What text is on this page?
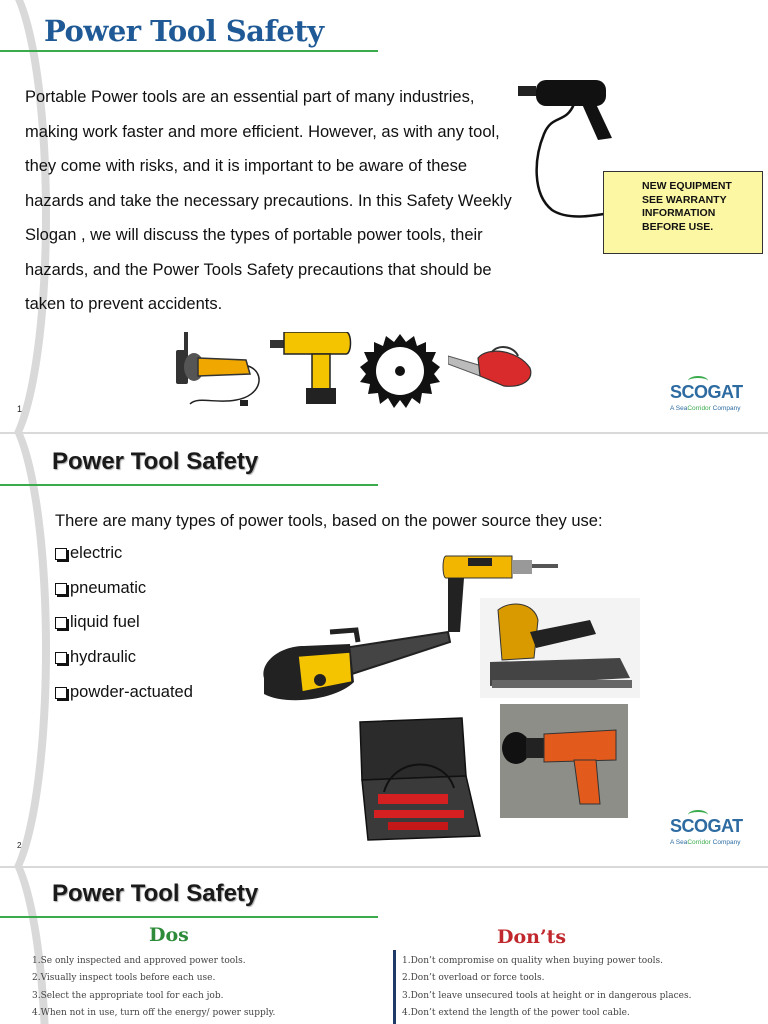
Power Tool Safety

Portable Power tools are an essential part of many industries, making work faster and more efficient. However, as with any tool, they come with risks, and it is important to be aware of these hazards and take the necessary precautions. In this Safety Weekly Slogan , we will discuss the types of portable power tools, their hazards, and the Power Tools Safety precautions that should be taken to prevent accidents.

NEW EQUIPMENT
SEE WARRANTY
INFORMATION
BEFORE USE.
1
SCOGAT
A SeaCorridor Company
Power Tool Safety

There are many types of power tools, based on the power source they use:

electric
pneumatic
liquid fuel
hydraulic
powder-actuated
2
SCOGAT
A SeaCorridor Company
Power Tool Safety
Dos	Don’ts
1.Se only inspected and approved power tools.
2.Visually inspect tools before each use.
3.Select the appropriate tool for each job.
4.When not in use, turn off the energy/ power supply.
1.Don’t compromise on quality when buying power tools.
2.Don’t overload or force tools.
3.Don’t leave unsecured tools at height or in dangerous places.
4.Don’t extend the length of the power tool cable.
